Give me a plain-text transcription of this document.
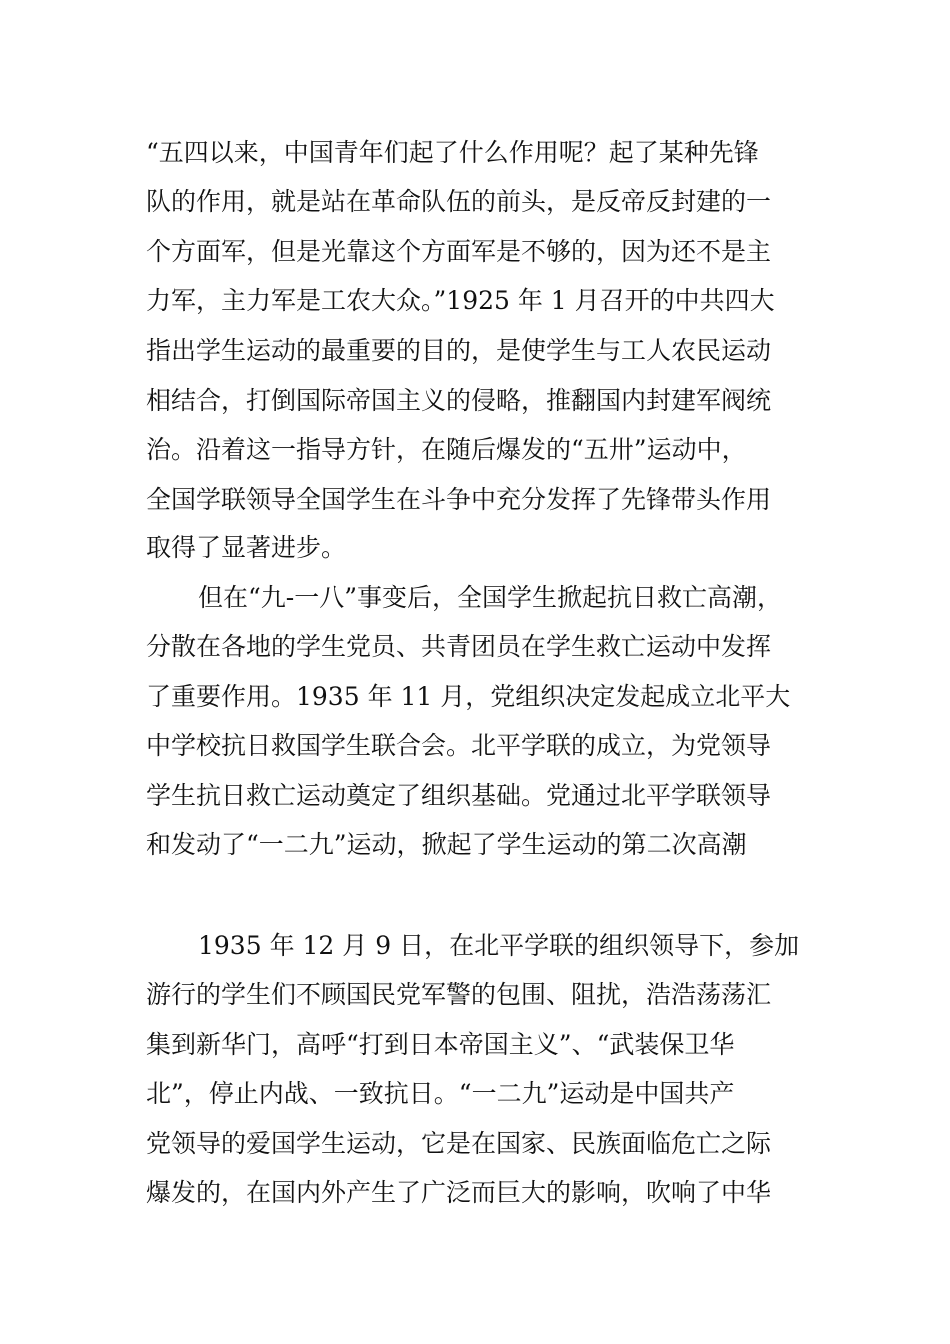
“五四以来，中国青年们起了什么作用呢？起了某种先锋
队的作用，就是站在革命队伍的前头，是反帝反封建的一
个方面军，但是光靠这个方面军是不够的，因为还不是主
力军，主力军是工农大众。”1925 年 1 月召开的中共四大
指出学生运动的最重要的目的，是使学生与工人农民运动
相结合，打倒国际帝国主义的侵略，推翻国内封建军阀统
治。沿着这一指导方针，在随后爆发的“五卅”运动中，
全国学联领导全国学生在斗争中充分发挥了先锋带头作用
取得了显著进步。
但在“九-一八”事变后，全国学生掀起抗日救亡高潮，
分散在各地的学生党员、共青团员在学生救亡运动中发挥
了重要作用。1935 年 11 月，党组织决定发起成立北平大
中学校抗日救国学生联合会。北平学联的成立，为党领导
学生抗日救亡运动奠定了组织基础。党通过北平学联领导
和发动了“一二九”运动，掀起了学生运动的第二次高潮
1935 年 12 月 9 日，在北平学联的组织领导下，参加
游行的学生们不顾国民党军警的包围、阻扰，浩浩荡荡汇
集到新华门，高呼“打到日本帝国主义”、“武装保卫华
北”，停止内战、一致抗日。“一二九”运动是中国共产
党领导的爱国学生运动，它是在国家、民族面临危亡之际
爆发的，在国内外产生了广泛而巨大的影响，吹响了中华
